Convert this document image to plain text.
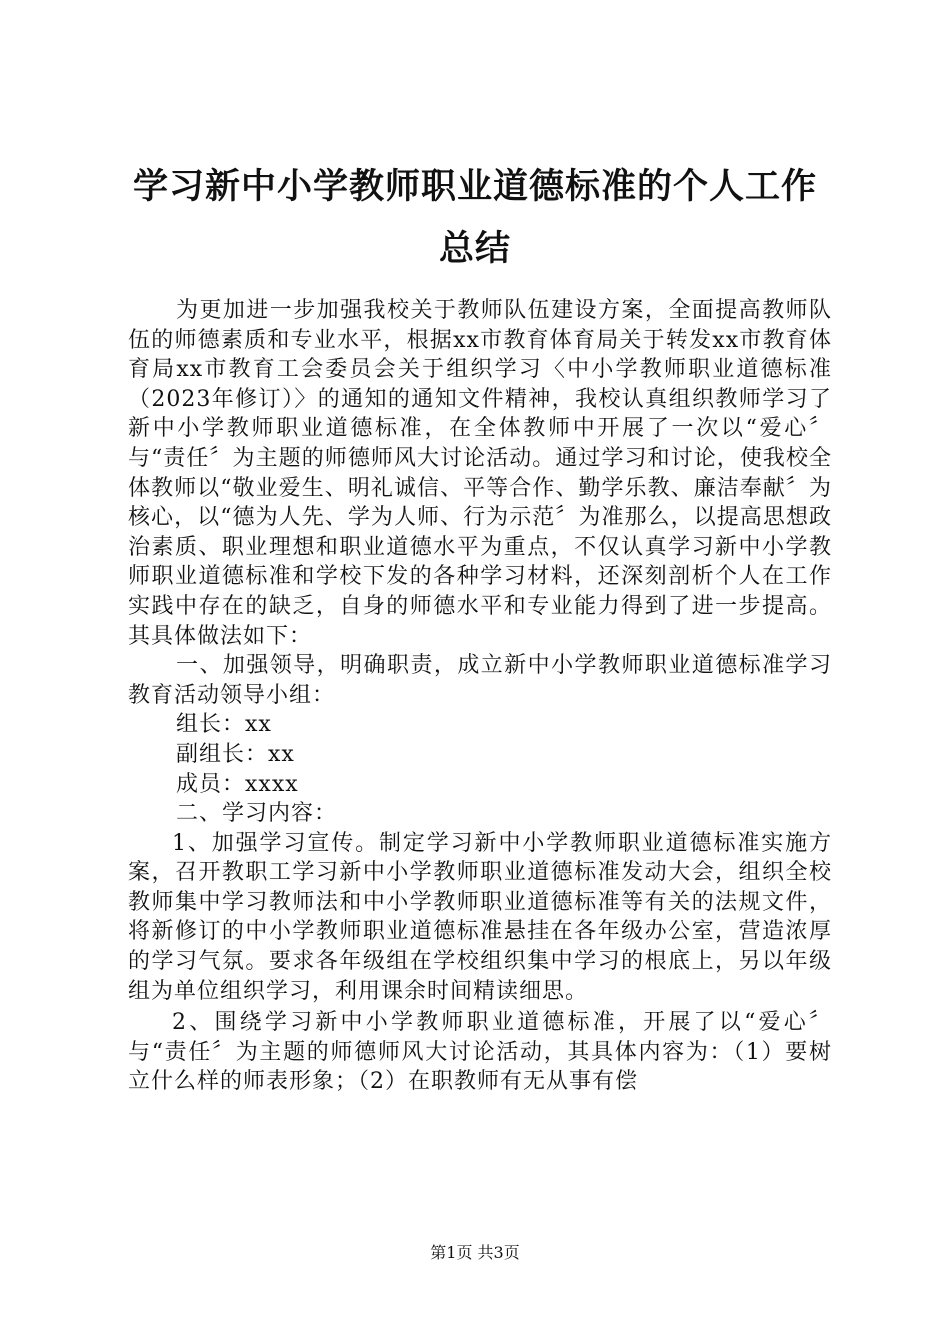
学习新中小学教师职业道德标准的个人工作总结

为更加进一步加强我校关于教师队伍建设方案，全面提高教师队伍的师德素质和专业水平，根据xx市教育体育局关于转发xx市教育体育局xx市教育工会委员会关于组织学习〈中小学教师职业道德标准（2023年修订）〉的通知的通知文件精神，我校认真组织教师学习了新中小学教师职业道德标准，在全体教师中开展了一次以“爱心〞与“责任〞为主题的师德师风大讨论活动。通过学习和讨论，使我校全体教师以“敬业爱生、明礼诚信、平等合作、勤学乐教、廉洁奉献〞为核心，以“德为人先、学为人师、行为示范〞为准那么，以提高思想政治素质、职业理想和职业道德水平为重点，不仅认真学习新中小学教师职业道德标准和学校下发的各种学习材料，还深刻剖析个人在工作实践中存在的缺乏，自身的师德水平和专业能力得到了进一步提高。其具体做法如下：

一、加强领导，明确职责，成立新中小学教师职业道德标准学习教育活动领导小组：

组长：xx

副组长：xx

成员：xxxx

二、学习内容：

1、加强学习宣传。制定学习新中小学教师职业道德标准实施方案，召开教职工学习新中小学教师职业道德标准发动大会，组织全校教师集中学习教师法和中小学教师职业道德标准等有关的法规文件，将新修订的中小学教师职业道德标准悬挂在各年级办公室，营造浓厚的学习气氛。要求各年级组在学校组织集中学习的根底上，另以年级组为单位组织学习，利用课余时间精读细思。

2、围绕学习新中小学教师职业道德标准，开展了以“爱心〞与“责任〞为主题的师德师风大讨论活动，其具体内容为：（1）要树立什么样的师表形象；（2）在职教师有无从事有偿

第1页 共3页
